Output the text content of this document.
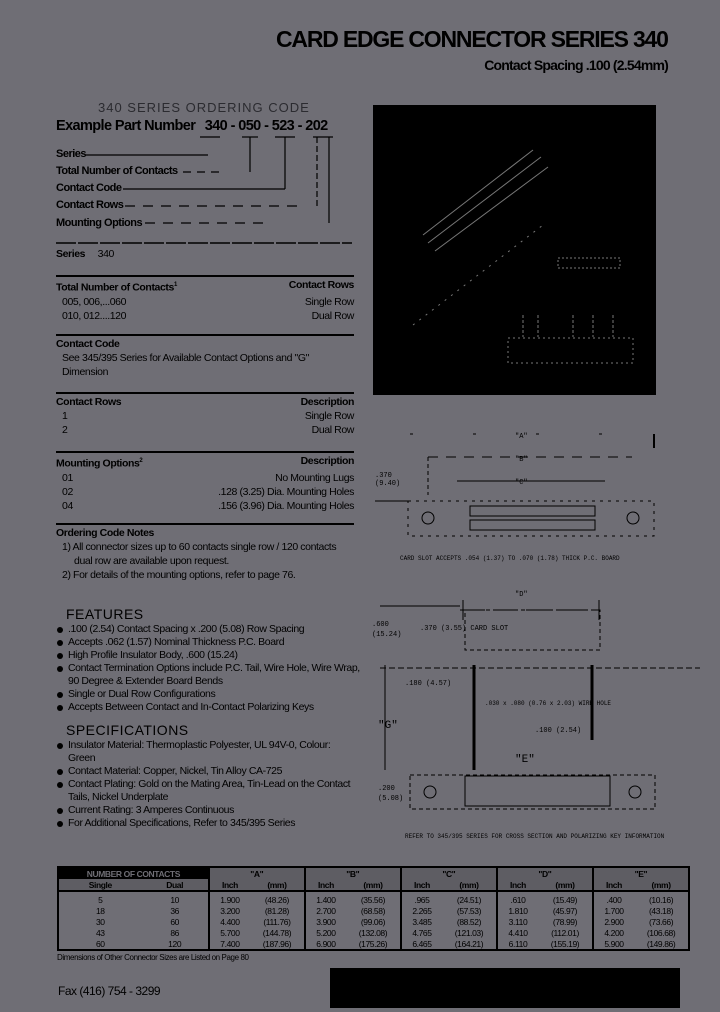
CARD EDGE CONNECTOR SERIES 340
Contact Spacing .100 (2.54mm)
340 SERIES ORDERING CODE
Example Part Number 340 - 050 - 523 - 202
Series
Total Number of Contacts
Contact Code
Contact Rows
Mounting Options
Series 340
Total Number of Contacts$^1$	Contact Rows
005, 006,...060	Single Row
010, 012....120	Dual Row
Contact Code

See 345/395 Series for Available Contact Options and "G" Dimension

Contact Rows	Description
1	Single Row
2	Dual Row
Mounting Options$^2$	Description
01	No Mounting Lugs
02	.128 (3.25) Dia. Mounting Holes
04	.156 (3.96) Dia. Mounting Holes
Ordering Code Notes

1) All connector sizes up to 60 contacts single row / 120 contacts dual row are available upon request.

2) For details of the mounting options, refer to page 76.

FEATURES
.100 (2.54) Contact Spacing x .200 (5.08) Row Spacing
Accepts .062 (1.57) Nominal Thickness P.C. Board
High Profile Insulator Body, .600 (15.24)
Contact Termination Options include P.C. Tail, Wire Hole, Wire Wrap, 90 Degree & Extender Board Bends
Single or Dual Row Configurations
Accepts Between Contact and In-Contact Polarizing Keys
SPECIFICATIONS
Insulator Material: Thermoplastic Polyester, UL 94V-0, Colour: Green
Contact Material: Copper, Nickel, Tin Alloy CA-725
Contact Plating: Gold on the Mating Area, Tin-Lead on the Contact Tails, Nickel Underplate
Current Rating: 3 Amperes Continuous
For Additional Specifications, Refer to 345/395 Series
"A"
"B"
"C"
"D"
.370
(9.40)
CARD SLOT ACCEPTS .054 (1.37) TO .070 (1.78) THICK P.C. BOARD
.370 (3.55) CARD SLOT
.600
(15.24)
.180 (4.57)
"G"
.030 x .080 (0.76 x 2.03) WIRE HOLE
.100 (2.54)
"E"
.200
(5.08)
REFER TO 345/395 SERIES FOR CROSS SECTION AND POLARIZING KEY INFORMATION
NUMBER OF CONTACTS		"A"		"B"		"C"		"D"		"E"	
Single	Dual	Inch	(mm)	Inch	(mm)	Inch	(mm)	Inch	(mm)	Inch	(mm)
5	10	1.900	(48.26)	1.400	(35.56)	.965	(24.51)	.610	(15.49)	.400	(10.16)
18	36	3.200	(81.28)	2.700	(68.58)	2.265	(57.53)	1.810	(45.97)	1.700	(43.18)
30	60	4.400	(111.76)	3.900	(99.06)	3.485	(88.52)	3.110	(78.99)	2.900	(73.66)
43	86	5.700	(144.78)	5.200	(132.08)	4.765	(121.03)	4.410	(112.01)	4.200	(106.68)
60	120	7.400	(187.96)	6.900	(175.26)	6.465	(164.21)	6.110	(155.19)	5.900	(149.86)
Dimensions of Other Connector Sizes are Listed on Page 80
Fax (416) 754 - 3299
